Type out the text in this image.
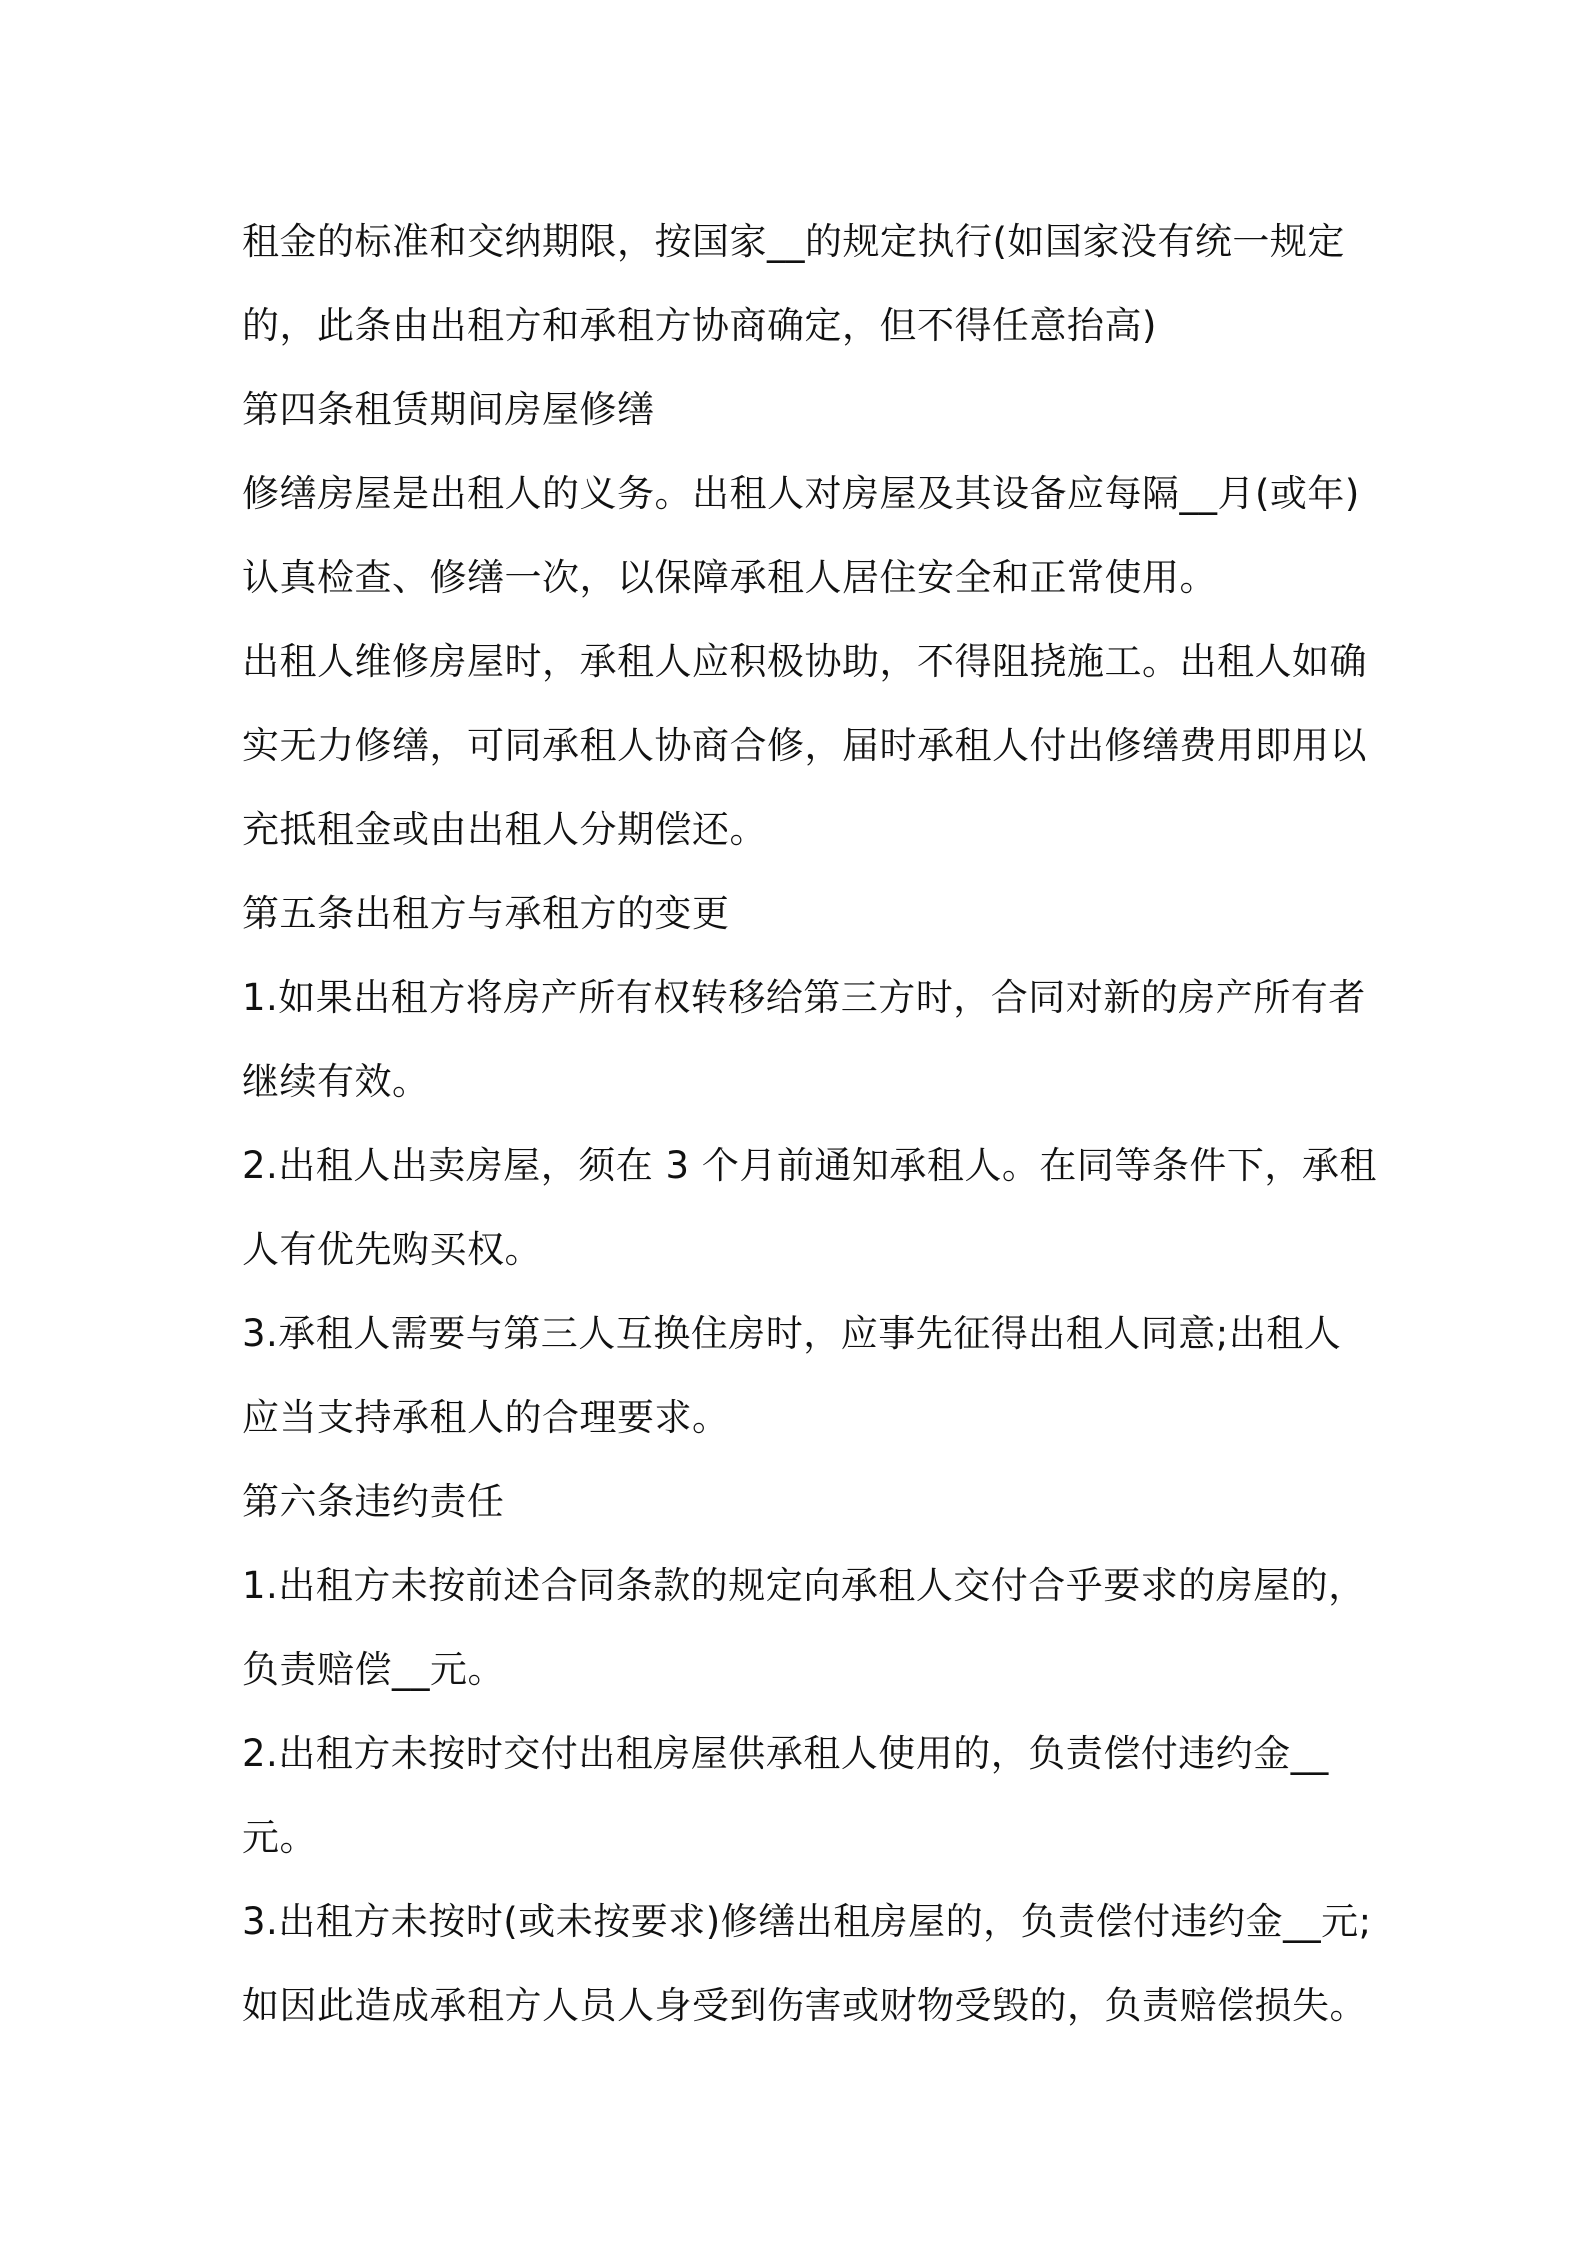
租金的标准和交纳期限，按国家__的规定执行(如国家没有统一规定
的，此条由出租方和承租方协商确定，但不得任意抬高)
第四条租赁期间房屋修缮
修缮房屋是出租人的义务。出租人对房屋及其设备应每隔__月(或年)
认真检查、修缮一次，以保障承租人居住安全和正常使用。
出租人维修房屋时，承租人应积极协助，不得阻挠施工。出租人如确
实无力修缮，可同承租人协商合修，届时承租人付出修缮费用即用以
充抵租金或由出租人分期偿还。
第五条出租方与承租方的变更
1.如果出租方将房产所有权转移给第三方时，合同对新的房产所有者
继续有效。
2.出租人出卖房屋，须在 3 个月前通知承租人。在同等条件下，承租
人有优先购买权。
3.承租人需要与第三人互换住房时，应事先征得出租人同意;出租人
应当支持承租人的合理要求。
第六条违约责任
1.出租方未按前述合同条款的规定向承租人交付合乎要求的房屋的，
负责赔偿__元。
2.出租方未按时交付出租房屋供承租人使用的，负责偿付违约金__
元。
3.出租方未按时(或未按要求)修缮出租房屋的，负责偿付违约金__元;
如因此造成承租方人员人身受到伤害或财物受毁的，负责赔偿损失。
